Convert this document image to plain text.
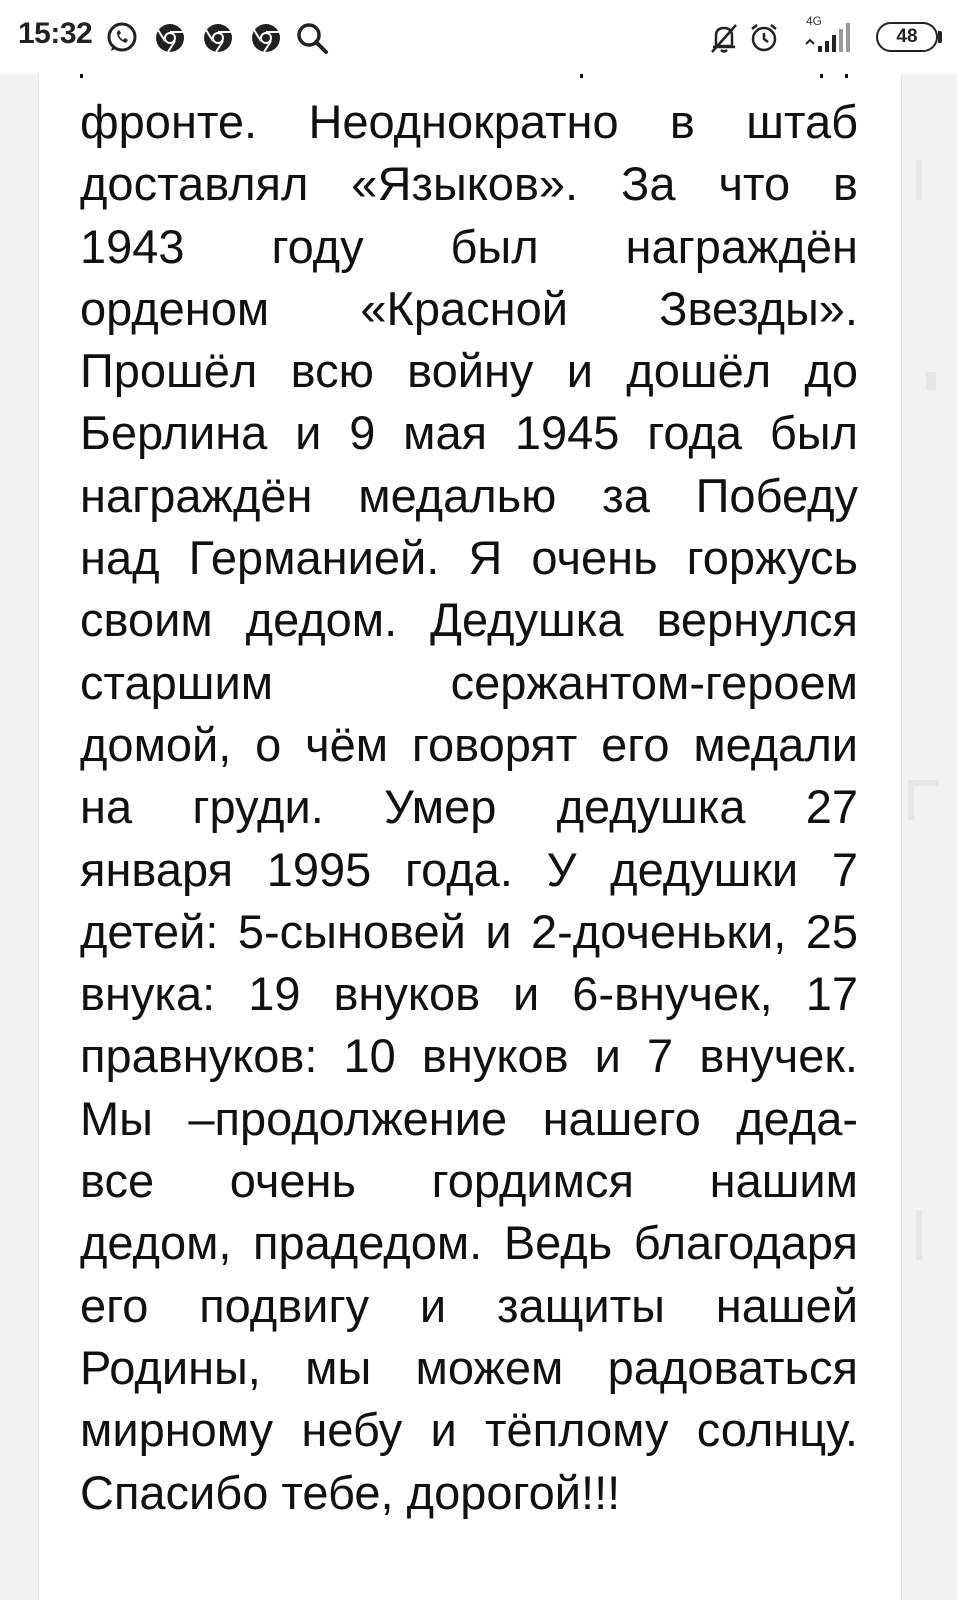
15:32	4G
48
фронте. Неоднократно в штаб
доставлял «Языков». За что в
1943 году был награждён
орденом «Красной Звезды».
Прошёл всю войну и дошёл до
Берлина и 9 мая 1945 года был
награждён медалью за Победу
над Германией. Я очень горжусь
своим дедом. Дедушка вернулся
старшим сержантом-героем
домой, о чём говорят его медали
на груди. Умер дедушка 27
января 1995 года. У дедушки 7
детей: 5-сыновей и 2-доченьки, 25
внука: 19 внуков и 6-внучек, 17
правнуков: 10 внуков и 7 внучек.
Мы –продолжение нашего деда-
все очень гордимся нашим
дедом, прадедом. Ведь благодаря
его подвигу и защиты нашей
Родины, мы можем радоваться
мирному небу и тёплому солнцу.
Спасибо тебе, дорогой!!!
